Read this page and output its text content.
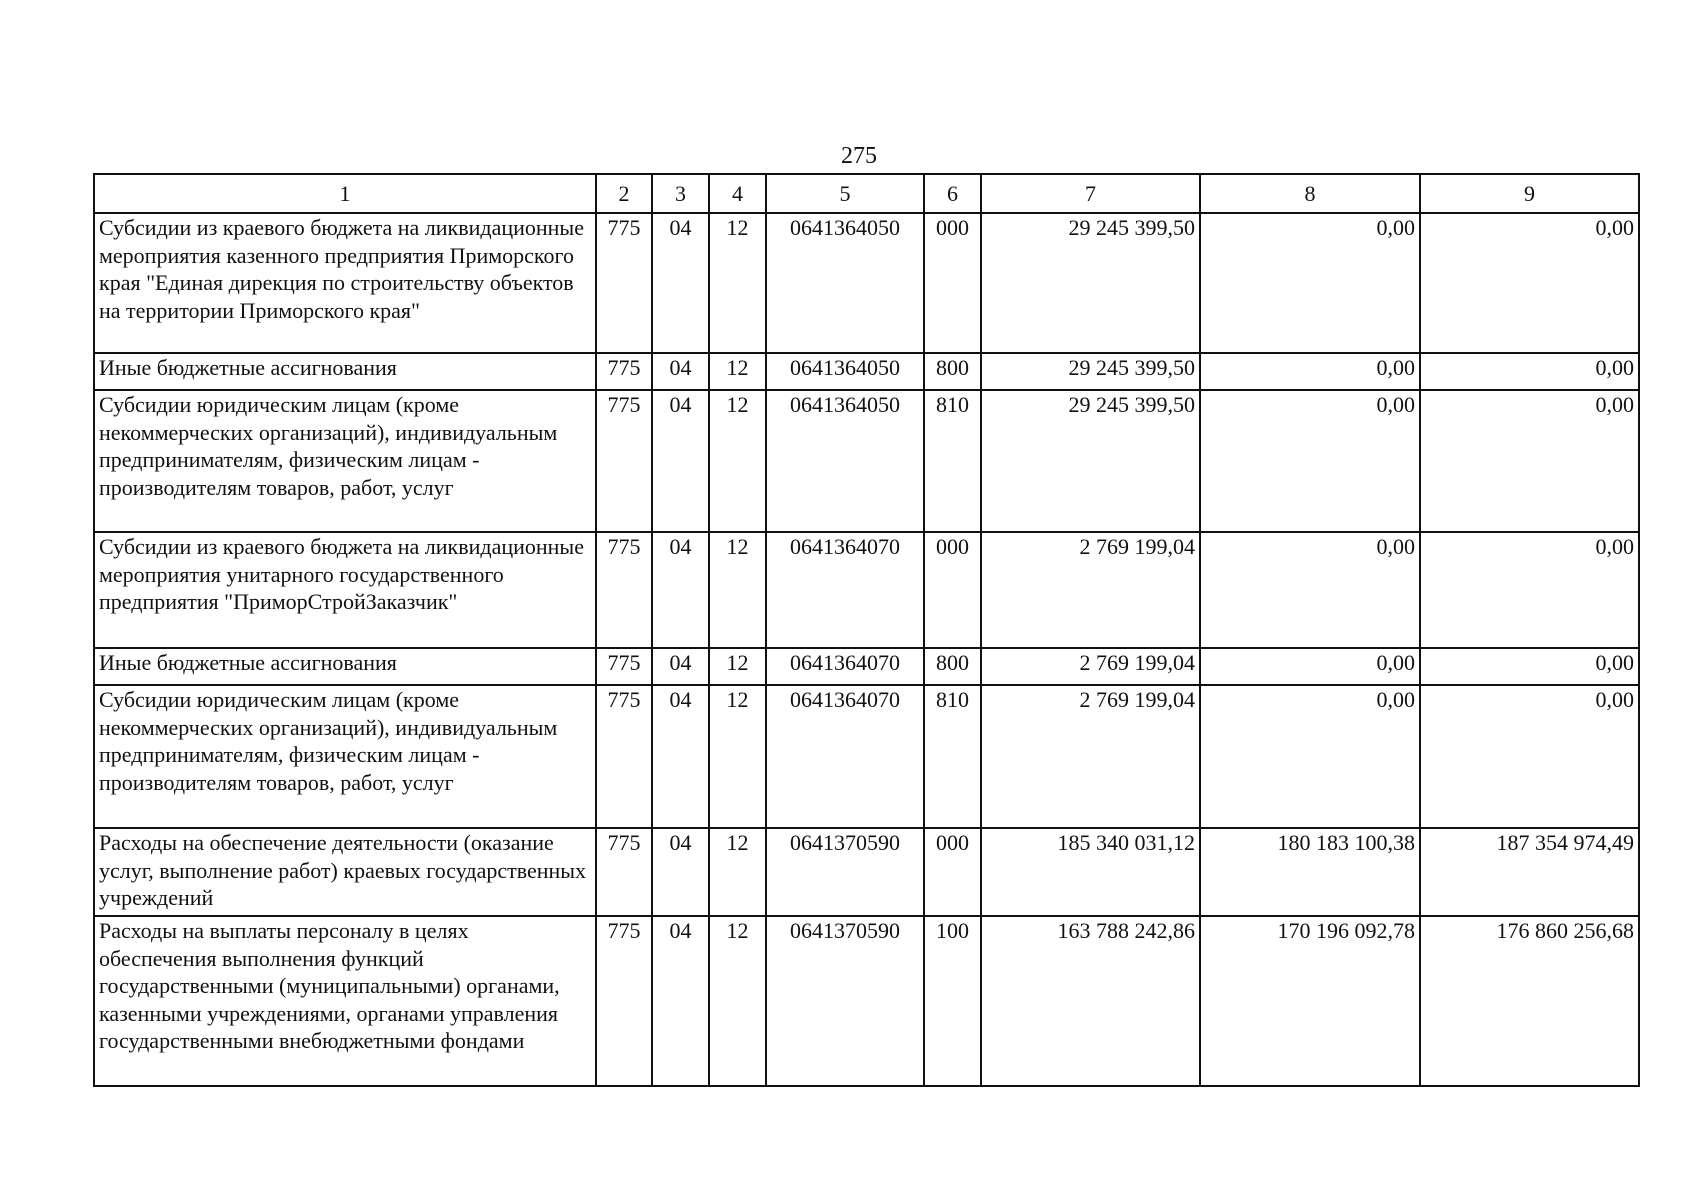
275
1	2	3	4	5	6	7	8	9
Субсидии из краевого бюджета на ликвидационные мероприятия казенного предприятия Приморского края "Единая дирекция по строительству объектов на территории Приморского края"	775	04	12	0641364050	000	29 245 399,50	0,00	0,00
Иные бюджетные ассигнования	775	04	12	0641364050	800	29 245 399,50	0,00	0,00
Субсидии юридическим лицам (кроме некоммерческих организаций), индивидуальным предпринимателям, физическим лицам - производителям товаров, работ, услуг	775	04	12	0641364050	810	29 245 399,50	0,00	0,00
Субсидии из краевого бюджета на ликвидационные мероприятия унитарного государственного предприятия "ПриморСтройЗаказчик"	775	04	12	0641364070	000	2 769 199,04	0,00	0,00
Иные бюджетные ассигнования	775	04	12	0641364070	800	2 769 199,04	0,00	0,00
Субсидии юридическим лицам (кроме некоммерческих организаций), индивидуальным предпринимателям, физическим лицам - производителям товаров, работ, услуг	775	04	12	0641364070	810	2 769 199,04	0,00	0,00
Расходы на обеспечение деятельности (оказание услуг, выполнение работ) краевых государственных учреждений	775	04	12	0641370590	000	185 340 031,12	180 183 100,38	187 354 974,49
Расходы на выплаты персоналу в целях обеспечения выполнения функций государственными (муниципальными) органами, казенными учреждениями, органами управления государственными внебюджетными фондами	775	04	12	0641370590	100	163 788 242,86	170 196 092,78	176 860 256,68
